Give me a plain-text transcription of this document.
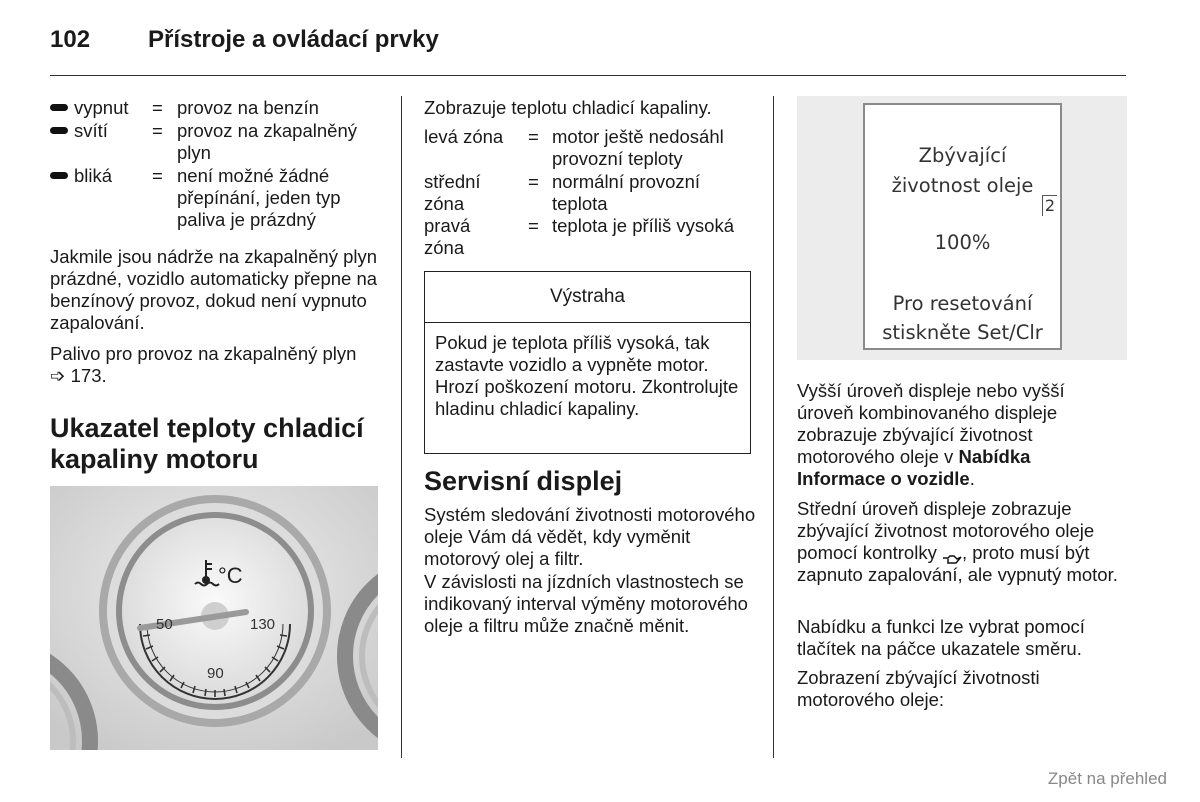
102 Přístroje a ovládací prvky
vypnut = provoz na benzín
svítí = provoz na zkapalněný plyn
bliká = není možné žádné přepínání, jeden typ paliva je prázdný
Jakmile jsou nádrže na zkapalněný plyn prázdné, vozidlo automaticky přepne na benzínový provoz, dokud není vypnuto zapalování.
Palivo pro provoz na zkapalněný plyn
➩ 173.
Ukazatel teploty chladicí kapaliny motoru
°C
50	130
90
Zobrazuje teplotu chladicí kapaliny.
levá zóna	= motor ještě nedosáhl provozní teploty
střední zóna
= normální provozní teplota
pravá zóna
= teplota je příliš vysoká
Výstraha
Pokud je teplota příliš vysoká, tak zastavte vozidlo a vypněte motor. Hrozí poškození motoru. Zkontrolujte hladinu chladicí kapaliny.
Servisní displej
Systém sledování životnosti motorového oleje Vám dá vědět, kdy vyměnit motorový olej a filtr.
V závislosti na jízdních vlastnostech se indikovaný interval výměny motorového oleje a filtru může značně měnit.
Zbývající
životnost oleje
2
100%
Pro resetování
stiskněte Set/Clr
Vyšší úroveň displeje nebo vyšší úroveň kombinovaného displeje zobrazuje zbývající životnost motorového oleje v Nabídka Informace o vozidle.
Střední úroveň displeje zobrazuje zbývající životnost motorového oleje pomocí kontrolky , proto musí být zapnuto zapalování, ale vypnutý motor.
Nabídku a funkci lze vybrat pomocí tlačítek na páčce ukazatele směru.
Zobrazení zbývající životnosti motorového oleje:
Zpět na přehled
